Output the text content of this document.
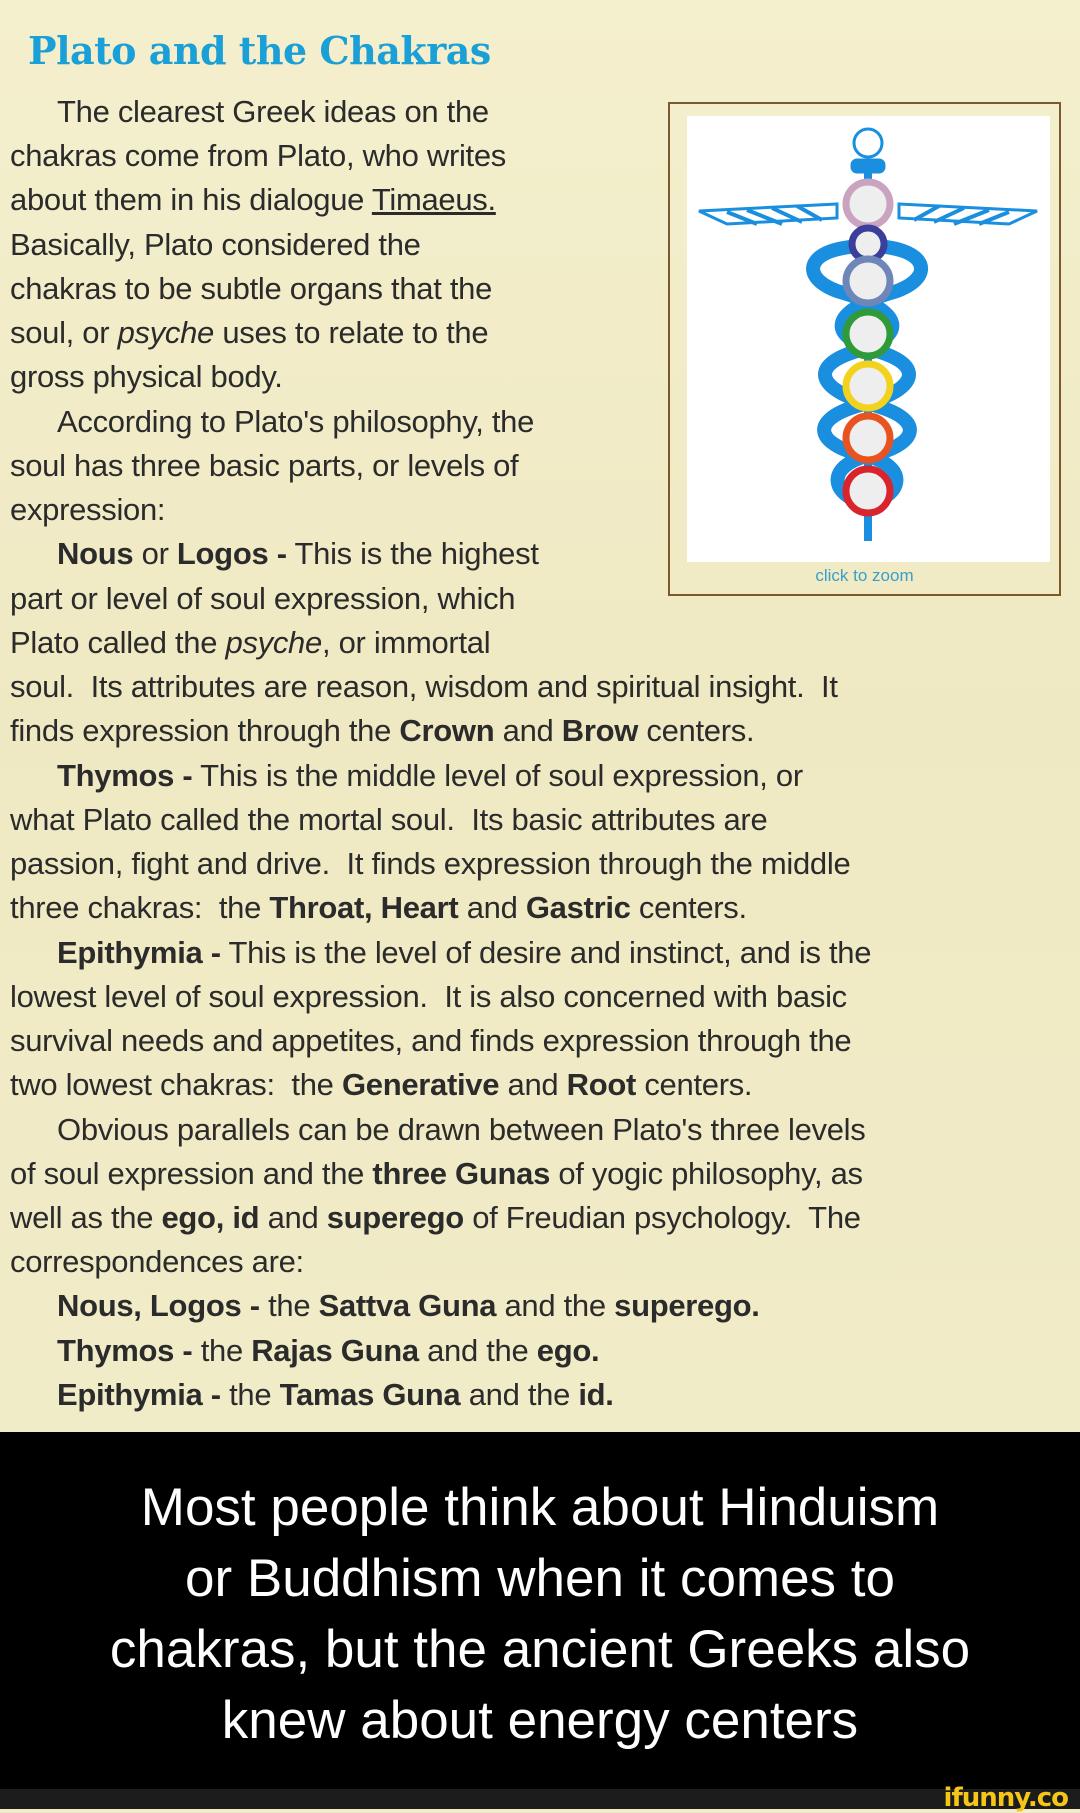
Plato and the Chakras
The clearest Greek ideas on the
chakras come from Plato, who writes
about them in his dialogue Timaeus.
Basically, Plato considered the
chakras to be subtle organs that the
soul, or psyche uses to relate to the
gross physical body.
According to Plato's philosophy, the
soul has three basic parts, or levels of
expression:
Nous or Logos - This is the highest
part or level of soul expression, which
Plato called the psyche, or immortal
soul.  Its attributes are reason, wisdom and spiritual insight.  It
finds expression through the Crown and Brow centers.
Thymos - This is the middle level of soul expression, or
what Plato called the mortal soul.  Its basic attributes are
passion, fight and drive.  It finds expression through the middle
three chakras:  the Throat, Heart and Gastric centers.
Epithymia - This is the level of desire and instinct, and is the
lowest level of soul expression.  It is also concerned with basic
survival needs and appetites, and finds expression through the
two lowest chakras:  the Generative and Root centers.
Obvious parallels can be drawn between Plato's three levels
of soul expression and the three Gunas of yogic philosophy, as
well as the ego, id and superego of Freudian psychology.  The
correspondences are:
Nous, Logos - the Sattva Guna and the superego.
Thymos - the Rajas Guna and the ego.
Epithymia - the Tamas Guna and the id.
click to zoom
Most people think about Hinduism
or Buddhism when it comes to
chakras, but the ancient Greeks also
knew about energy centers
ifunny.co
